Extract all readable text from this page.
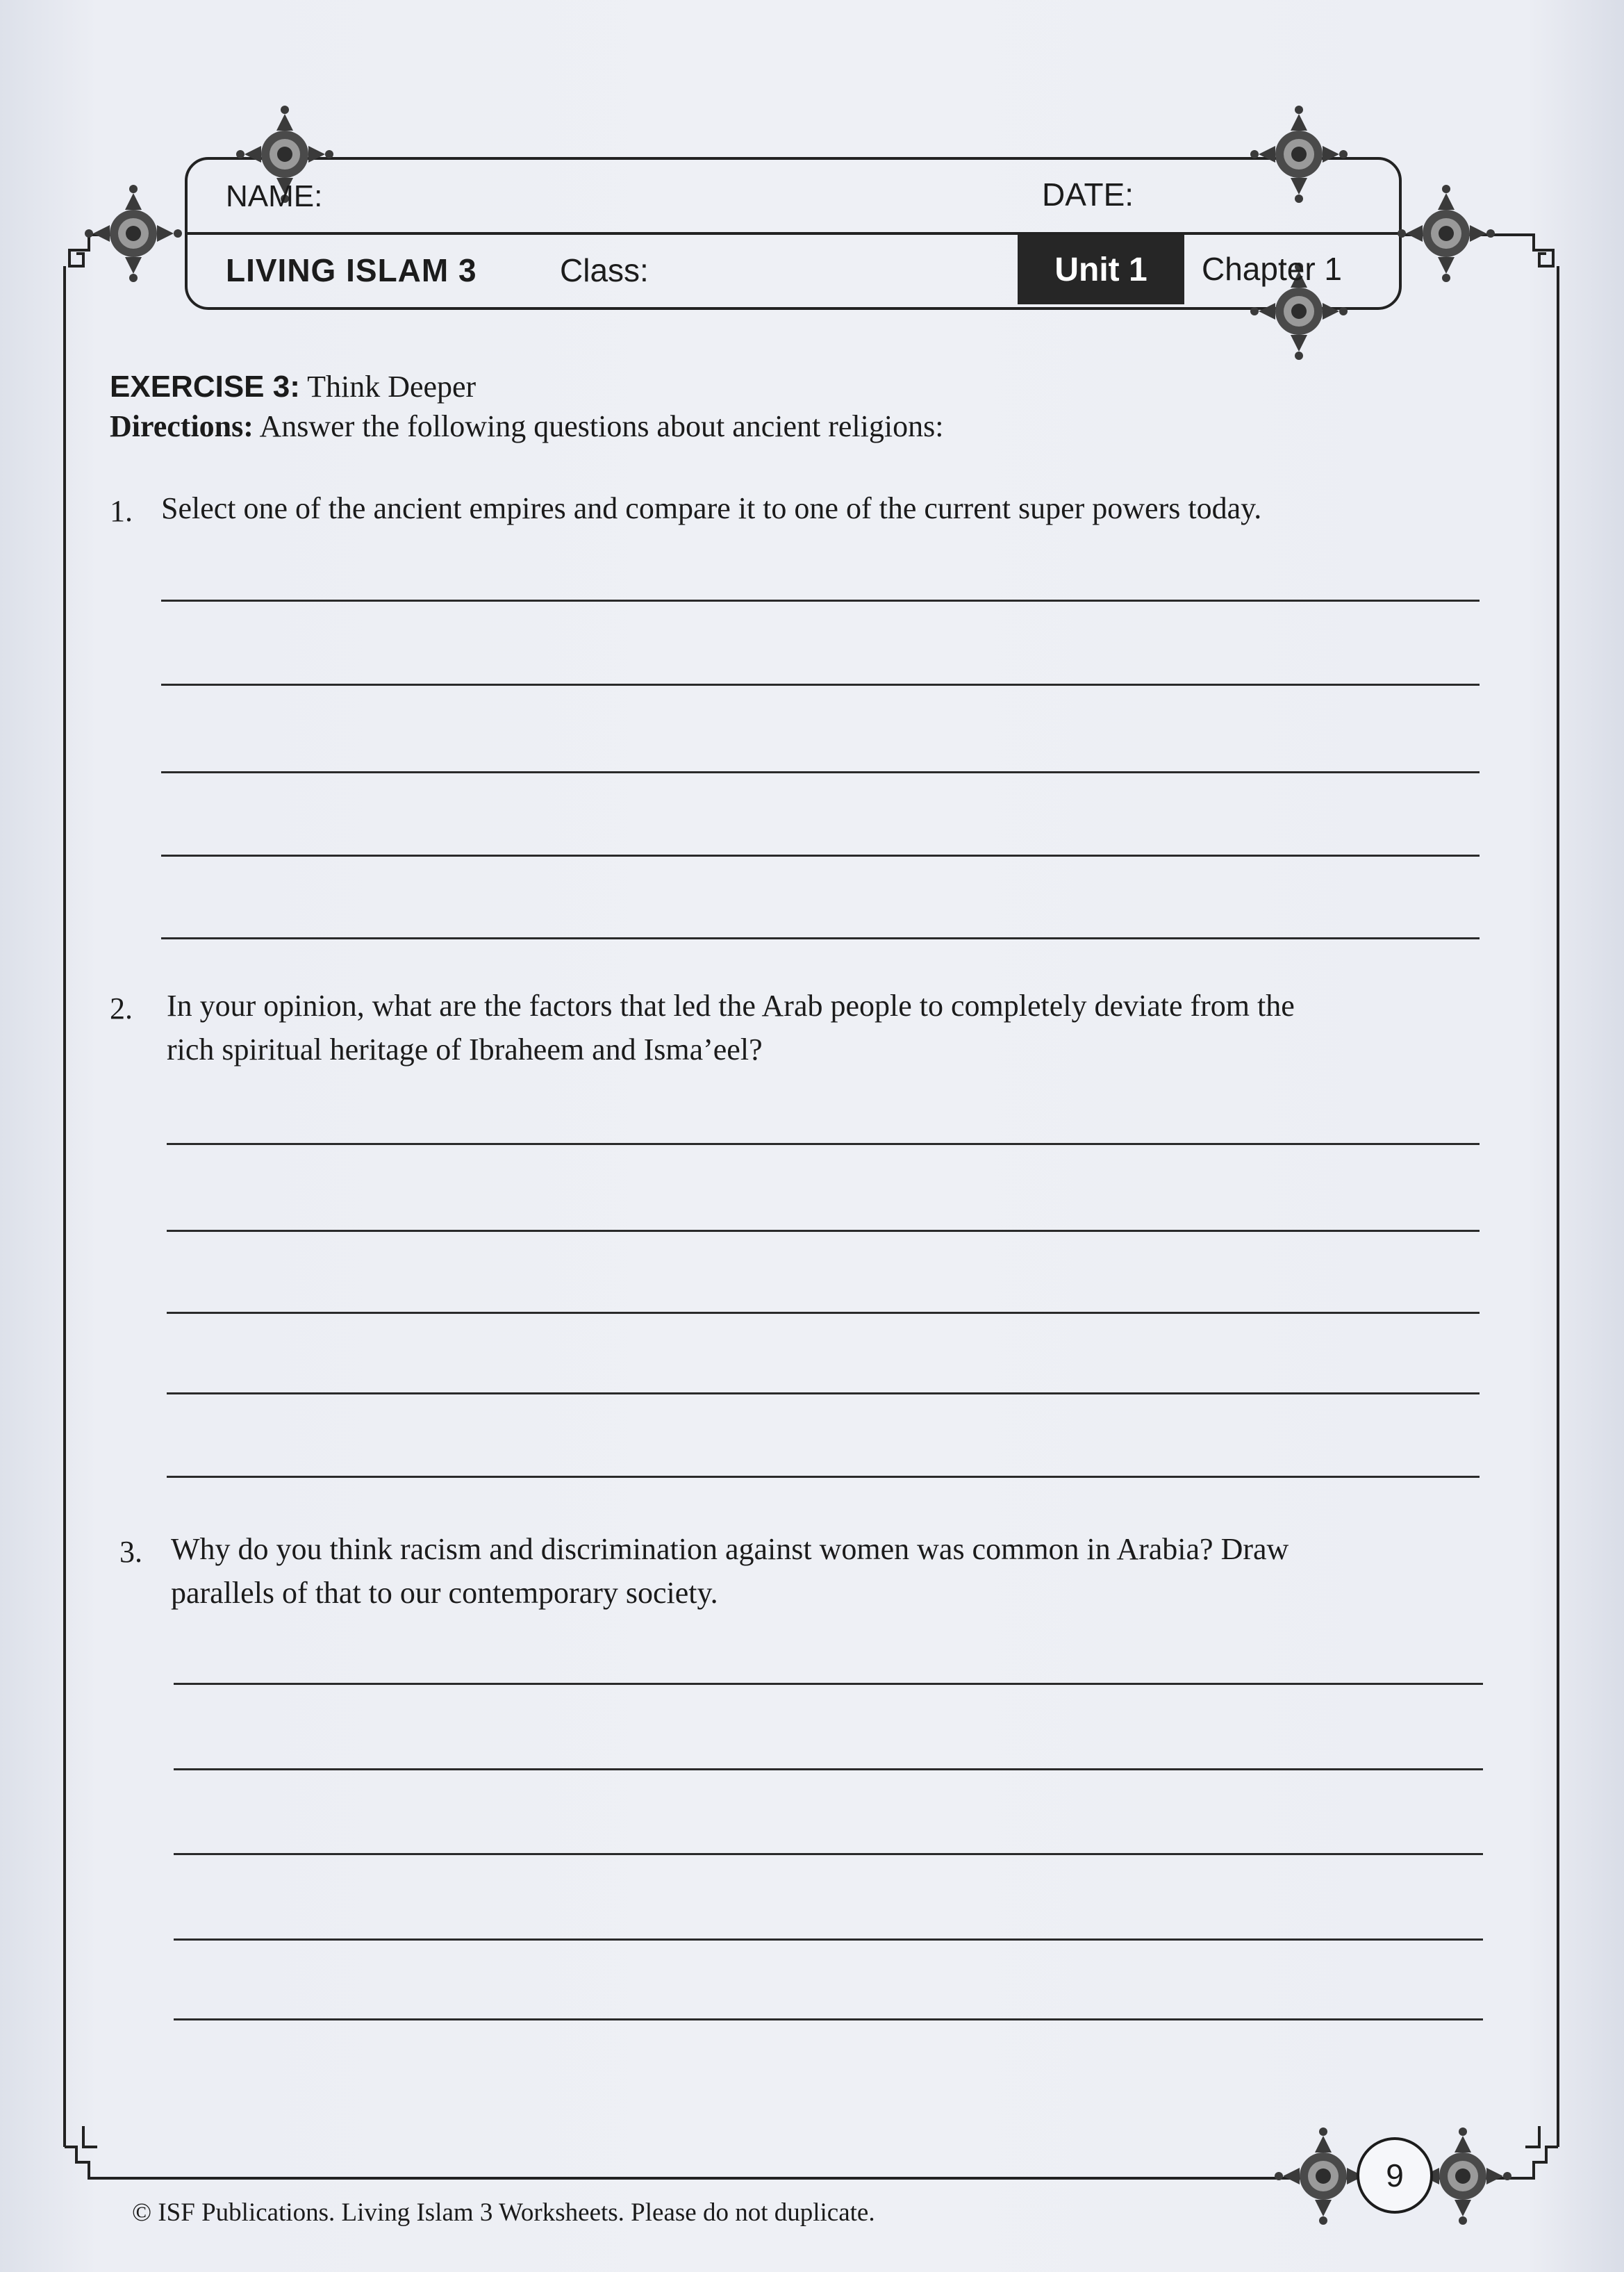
NAME:	DATE:
LIVING ISLAM 3	Class:	Unit 1	Chapter 1
EXERCISE 3: Think Deeper
Directions: Answer the following questions about ancient religions:
1. Select one of the ancient empires and compare it to one of the current super powers today.
2. In your opinion, what are the factors that led the Arab people to completely deviate from the
rich spiritual heritage of Ibraheem and Isma’eel?
3. Why do you think racism and discrimination against women was common in Arabia? Draw
parallels of that to our contemporary society.
9
© ISF Publications. Living Islam 3 Worksheets. Please do not duplicate.
